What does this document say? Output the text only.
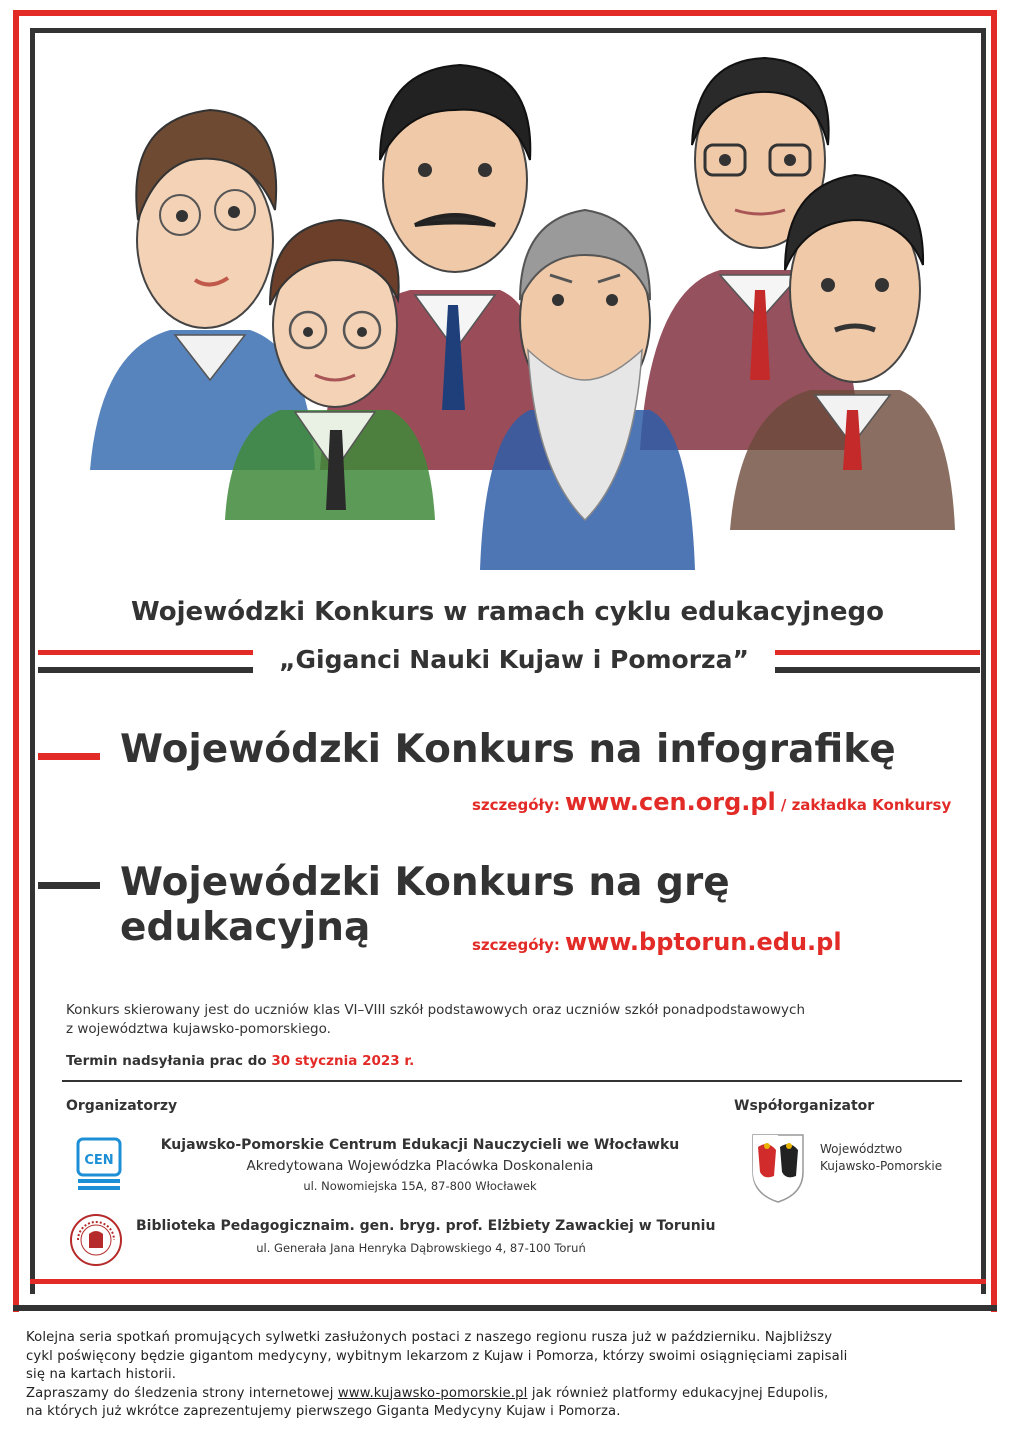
Wojewódzki Konkurs w ramach cyklu edukacyjnego
„Giganci Nauki Kujaw i Pomorza”
Wojewódzki Konkurs na infografikę
szczegóły: www.cen.org.pl / zakładka Konkursy
Wojewódzki Konkurs na grę edukacyjną	szczegóły: www.bptorun.edu.pl
Konkurs skierowany jest do uczniów klas VI–VIII szkół podstawowych oraz uczniów szkół ponadpodstawowych
z województwa kujawsko-pomorskiego.
Termin nadsyłania prac do 30 stycznia 2023 r.
Organizatorzy
CEN
Kujawsko-Pomorskie Centrum Edukacji Nauczycieli we Włocławku
Akredytowana Wojewódzka Placówka Doskonalenia
ul. Nowomiejska 15A, 87-800 Włocławek
Biblioteka Pedagogicznaim. gen. bryg. prof. Elżbiety Zawackiej w Toruniu
ul. Generała Jana Henryka Dąbrowskiego 4, 87-100 Toruń
Współorganizator
Województwo
Kujawsko-Pomorskie
Kolejna seria spotkań promujących sylwetki zasłużonych postaci z naszego regionu rusza już w październiku. Najbliższy
cykl poświęcony będzie gigantom medycyny, wybitnym lekarzom z Kujaw i Pomorza, którzy swoimi osiągnięciami zapisali
się na kartach historii.
Zapraszamy do śledzenia strony internetowej www.kujawsko-pomorskie.pl jak również platformy edukacyjnej Edupolis,
na których już wkrótce zaprezentujemy pierwszego Giganta Medycyny Kujaw i Pomorza.
